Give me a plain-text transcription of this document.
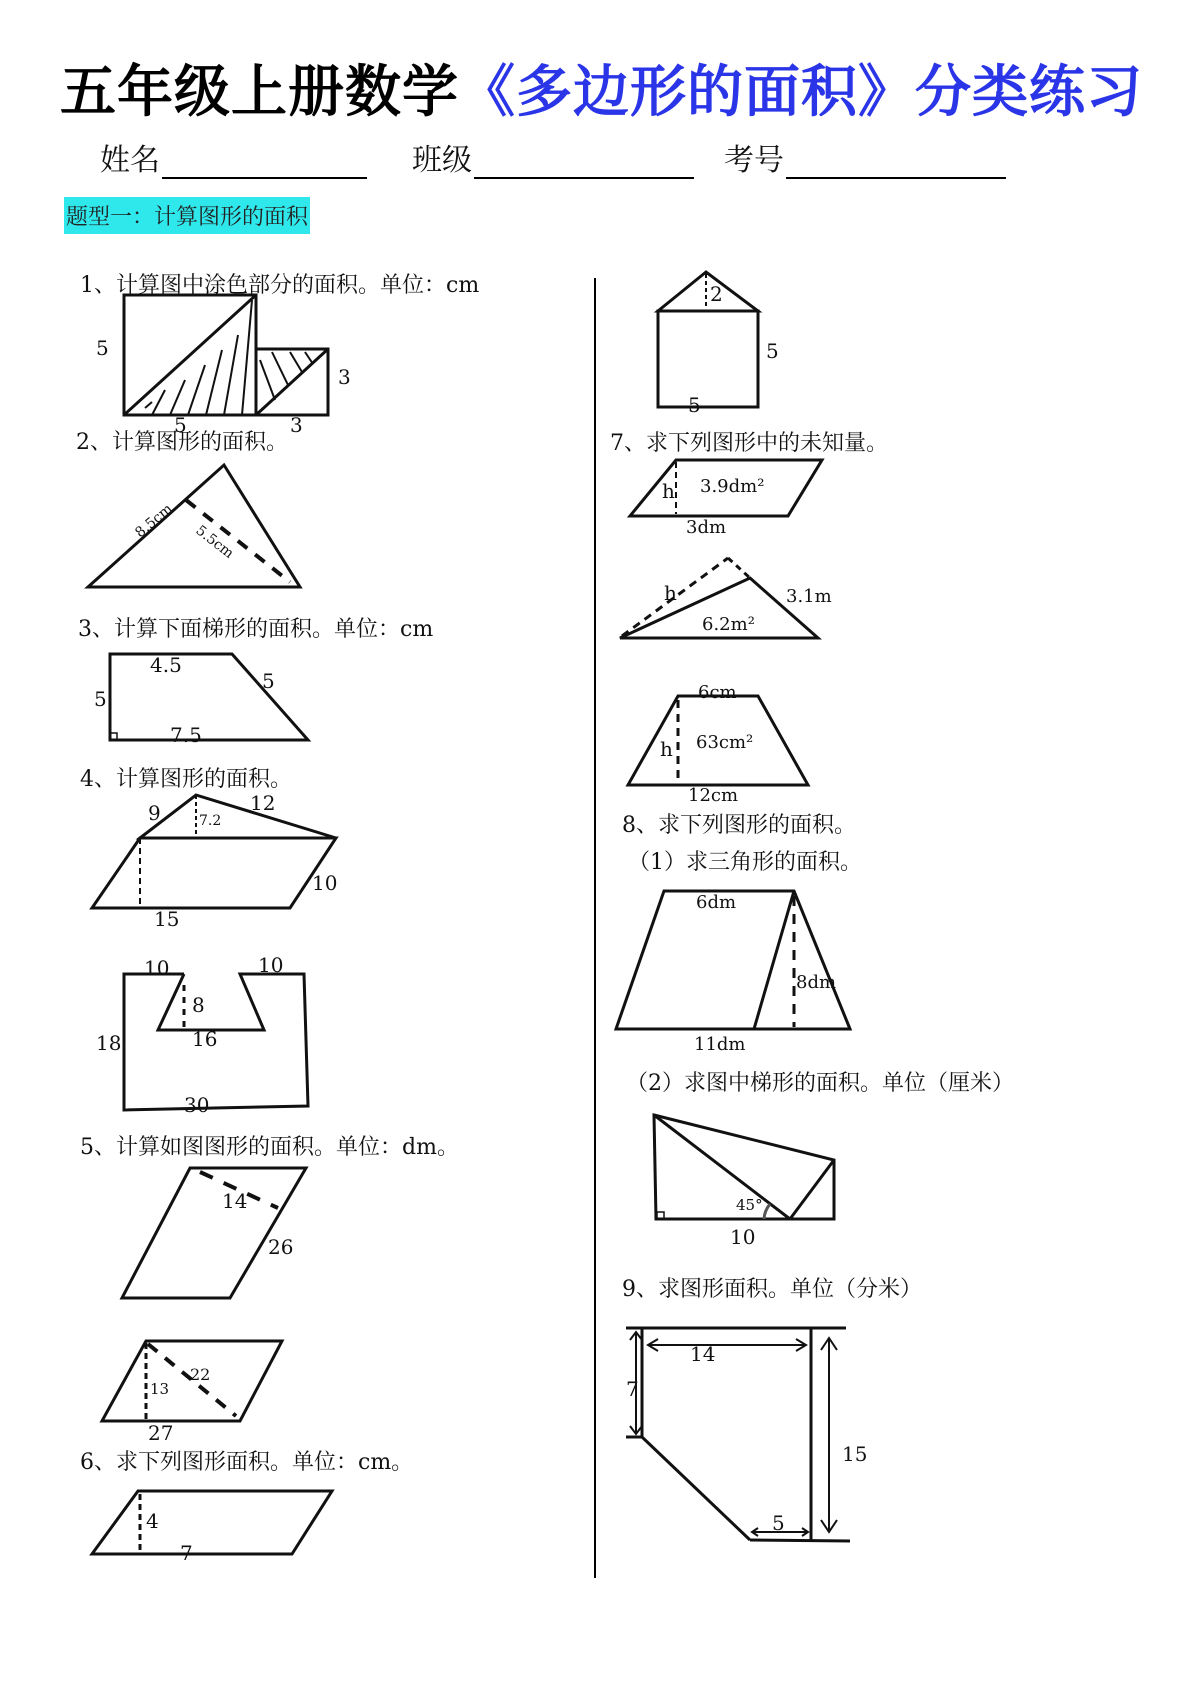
五年级上册数学《多边形的面积》分类练习
姓名	班级	考号
题型一：计算图形的面积
1、计算图中涂色部分的面积。单位：cm
5
3
5	3
2、计算图形的面积。
8.5cm
5.5cm
3、计算下面梯形的面积。单位：cm
4.5
5
5
7.5
4、计算图形的面积。
9	12
7.2
10
15
10	10
8
16
18
30
5、计算如图图形的面积。单位：dm。
14
26
13
22
27
6、求下列图形面积。单位：cm。
4
7
2
5
5
7、求下列图形中的未知量。
h 3.9dm²
3dm
h	3.1m
6.2m²
6cm
h 63cm²
12cm
8、求下列图形的面积。
（1）求三角形的面积。
6dm
8dm
11dm
（2）求图中梯形的面积。单位（厘米）
45°
10
9、求图形面积。单位（分米）
14
7
15
5
